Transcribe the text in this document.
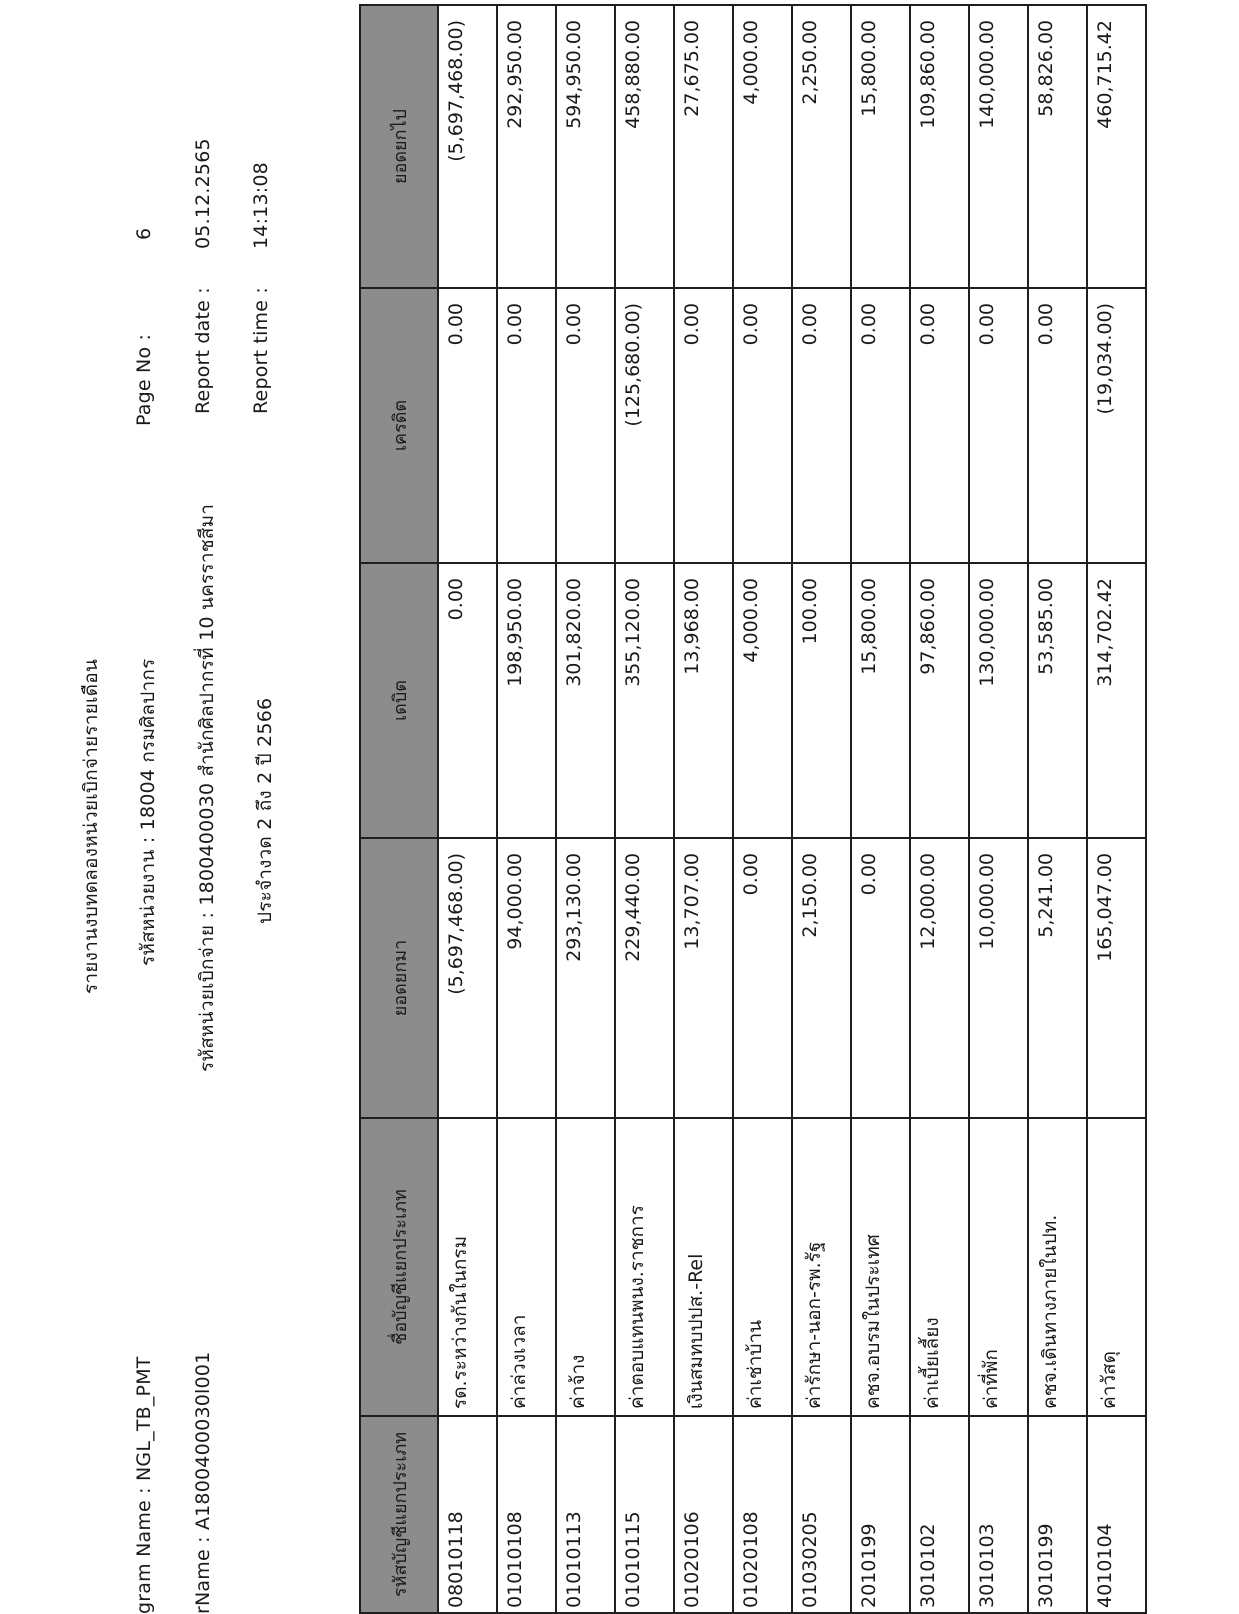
รายงานงบทดลองหน่วยเบิกจ่ายรายเดือน รหัสหน่วยงาน : 18004 กรมศิลปากร
gram Name : NGL_TB_PMT
Page No :
6
รหัสหน่วยเบิกจ่าย : 1800400030 สำนักศิลปากรที่ 10 นครราชสีมา
rName : A1800400030l001
Report date :
05.12.2565
ประจำงวด 2 ถึง 2 ปี 2566
Report time :
14:13:08
รหัสบัญชีแยกประเภท	ชื่อบัญชีแยกประเภท	ยอดยกมา	เดบิต	เครดิต	ยอดยกไป
08010118	รด.ระหว่างกันในกรม	(5,697,468.00)	0.00	0.00	(5,697,468.00)
01010108	ค่าล่วงเวลา	94,000.00	198,950.00	0.00	292,950.00
01010113	ค่าจ้าง	293,130.00	301,820.00	0.00	594,950.00
01010115	ค่าตอบแทนพนง.ราชการ	229,440.00	355,120.00	(125,680.00)	458,880.00
01020106	เงินสมทบปปส.-Rel	13,707.00	13,968.00	0.00	27,675.00
01020108	ค่าเช่าบ้าน	0.00	4,000.00	0.00	4,000.00
01030205	ค่ารักษา-นอก-รพ.รัฐ	2,150.00	100.00	0.00	2,250.00
2010199	คชจ.อบรมในประเทศ	0.00	15,800.00	0.00	15,800.00
3010102	ค่าเบี้ยเลี้ยง	12,000.00	97,860.00	0.00	109,860.00
3010103	ค่าที่พัก	10,000.00	130,000.00	0.00	140,000.00
3010199	คชจ.เดินทางภายในปท.	5,241.00	53,585.00	0.00	58,826.00
4010104	ค่าวัสดุ	165,047.00	314,702.42	(19,034.00)	460,715.42
